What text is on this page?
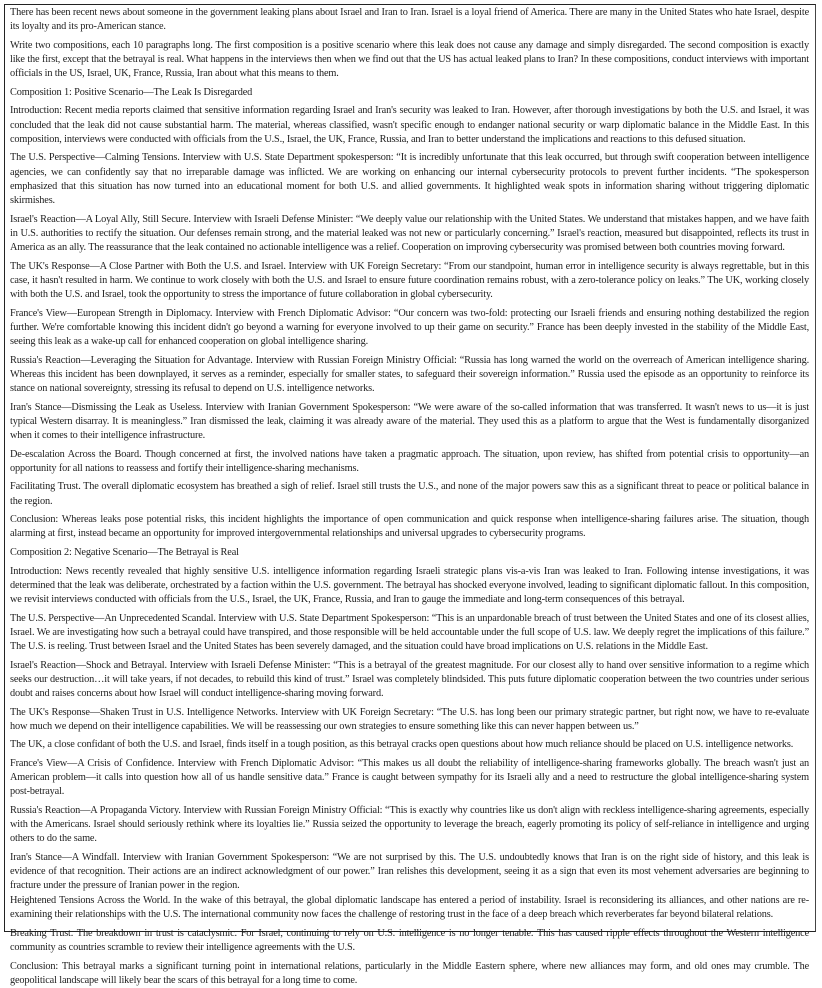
There has been recent news about someone in the government leaking plans about Israel and Iran to Iran. Israel is a loyal friend of America. There are many in the United States who hate Israel, despite its loyalty and its pro-American stance.

Write two compositions, each 10 paragraphs long. The first composition is a positive scenario where this leak does not cause any damage and simply disregarded. The second composition is exactly like the first, except that the betrayal is real. What happens in the interviews then when we find out that the US has actual leaked plans to Iran? In these compositions, conduct interviews with important officials in the US, Israel, UK, France, Russia, Iran about what this means to them.

Composition 1: Positive Scenario—The Leak Is Disregarded

Introduction: Recent media reports claimed that sensitive information regarding Israel and Iran's security was leaked to Iran. However, after thorough investigations by both the U.S. and Israel, it was concluded that the leak did not cause substantial harm. The material, whereas classified, wasn't specific enough to endanger national security or warp diplomatic balance in the Middle East. In this composition, interviews were conducted with officials from the U.S., Israel, the UK, France, Russia, and Iran to better understand the implications and reactions to this defused situation.

The U.S. Perspective—Calming Tensions. Interview with U.S. State Department spokesperson: “It is incredibly unfortunate that this leak occurred, but through swift cooperation between intelligence agencies, we can confidently say that no irreparable damage was inflicted. We are working on enhancing our internal cybersecurity protocols to prevent further incidents. “The spokesperson emphasized that this situation has now turned into an educational moment for both U.S. and allied governments. It highlighted weak spots in information sharing without triggering diplomatic skirmishes.

Israel's Reaction—A Loyal Ally, Still Secure. Interview with Israeli Defense Minister: “We deeply value our relationship with the United States. We understand that mistakes happen, and we have faith in U.S. authorities to rectify the situation. Our defenses remain strong, and the material leaked was not new or particularly concerning.” Israel's reaction, measured but disappointed, reflects its trust in America as an ally. The reassurance that the leak contained no actionable intelligence was a relief. Cooperation on improving cybersecurity was promised between both countries moving forward.

The UK's Response—A Close Partner with Both the U.S. and Israel. Interview with UK Foreign Secretary: “From our standpoint, human error in intelligence security is always regrettable, but in this case, it hasn't resulted in harm. We continue to work closely with both the U.S. and Israel to ensure future coordination remains robust, with a zero-tolerance policy on leaks.” The UK, working closely with both the U.S. and Israel, took the opportunity to stress the importance of future collaboration in global cybersecurity.

France's View—European Strength in Diplomacy. Interview with French Diplomatic Advisor: “Our concern was two-fold: protecting our Israeli friends and ensuring nothing destabilized the region further. We're comfortable knowing this incident didn't go beyond a warning for everyone involved to up their game on security.” France has been deeply invested in the stability of the Middle East, seeing this leak as a wake-up call for enhanced cooperation on global intelligence sharing.

Russia's Reaction—Leveraging the Situation for Advantage. Interview with Russian Foreign Ministry Official: “Russia has long warned the world on the overreach of American intelligence sharing. Whereas this incident has been downplayed, it serves as a reminder, especially for smaller states, to safeguard their sovereign information.” Russia used the episode as an opportunity to reinforce its stance on national sovereignty, stressing its refusal to depend on U.S. intelligence networks.

Iran's Stance—Dismissing the Leak as Useless. Interview with Iranian Government Spokesperson: “We were aware of the so-called information that was transferred. It wasn't news to us—it is just typical Western disarray. It is meaningless.” Iran dismissed the leak, claiming it was already aware of the material. They used this as a platform to argue that the West is fundamentally disorganized when it comes to their intelligence infrastructure.

De-escalation Across the Board. Though concerned at first, the involved nations have taken a pragmatic approach. The situation, upon review, has shifted from potential crisis to opportunity—an opportunity for all nations to reassess and fortify their intelligence-sharing mechanisms.

Facilitating Trust. The overall diplomatic ecosystem has breathed a sigh of relief. Israel still trusts the U.S., and none of the major powers saw this as a significant threat to peace or political balance in the region.

Conclusion: Whereas leaks pose potential risks, this incident highlights the importance of open communication and quick response when intelligence-sharing failures arise. The situation, though alarming at first, instead became an opportunity for improved intergovernmental relationships and universal upgrades to cybersecurity programs.

Composition 2: Negative Scenario—The Betrayal is Real

Introduction: News recently revealed that highly sensitive U.S. intelligence information regarding Israeli strategic plans vis-a-vis Iran was leaked to Iran. Following intense investigations, it was determined that the leak was deliberate, orchestrated by a faction within the U.S. government. The betrayal has shocked everyone involved, leading to significant diplomatic fallout. In this composition, we revisit interviews conducted with officials from the U.S., Israel, the UK, France, Russia, and Iran to gauge the immediate and long-term consequences of this betrayal.

The U.S. Perspective—An Unprecedented Scandal. Interview with U.S. State Department Spokesperson: “This is an unpardonable breach of trust between the United States and one of its closest allies, Israel. We are investigating how such a betrayal could have transpired, and those responsible will be held accountable under the full scope of U.S. law. We deeply regret the implications of this failure.” The U.S. is reeling. Trust between Israel and the United States has been severely damaged, and the situation could have broad implications on U.S. relations in the Middle East.

Israel's Reaction—Shock and Betrayal. Interview with Israeli Defense Minister: “This is a betrayal of the greatest magnitude. For our closest ally to hand over sensitive information to a regime which seeks our destruction…it will take years, if not decades, to rebuild this kind of trust.” Israel was completely blindsided. This puts future diplomatic cooperation between the two countries under serious doubt and raises concerns about how Israel will conduct intelligence-sharing moving forward.

The UK's Response—Shaken Trust in U.S. Intelligence Networks. Interview with UK Foreign Secretary: “The U.S. has long been our primary strategic partner, but right now, we have to re-evaluate how much we depend on their intelligence capabilities. We will be reassessing our own strategies to ensure something like this can never happen between us.”

The UK, a close confidant of both the U.S. and Israel, finds itself in a tough position, as this betrayal cracks open questions about how much reliance should be placed on U.S. intelligence networks.

France's View—A Crisis of Confidence. Interview with French Diplomatic Advisor: “This makes us all doubt the reliability of intelligence-sharing frameworks globally. The breach wasn't just an American problem—it calls into question how all of us handle sensitive data.” France is caught between sympathy for its Israeli ally and a need to restructure the global intelligence-sharing system post-betrayal.

Russia's Reaction—A Propaganda Victory. Interview with Russian Foreign Ministry Official: “This is exactly why countries like us don't align with reckless intelligence-sharing agreements, especially with the Americans. Israel should seriously rethink where its loyalties lie.” Russia seized the opportunity to leverage the breach, eagerly promoting its policy of self-reliance in intelligence and urging others to do the same.

Iran's Stance—A Windfall. Interview with Iranian Government Spokesperson: “We are not surprised by this. The U.S. undoubtedly knows that Iran is on the right side of history, and this leak is evidence of that recognition. Their actions are an indirect acknowledgment of our power.” Iran relishes this development, seeing it as a sign that even its most vehement adversaries are beginning to fracture under the pressure of Iranian power in the region.

Heightened Tensions Across the World. In the wake of this betrayal, the global diplomatic landscape has entered a period of instability. Israel is reconsidering its alliances, and other nations are re-examining their relationships with the U.S. The international community now faces the challenge of restoring trust in the face of a deep breach which reverberates far beyond bilateral relations.

Breaking Trust. The breakdown in trust is cataclysmic. For Israel, continuing to rely on U.S. intelligence is no longer tenable. This has caused ripple effects throughout the Western intelligence community as countries scramble to review their intelligence agreements with the U.S.

Conclusion: This betrayal marks a significant turning point in international relations, particularly in the Middle Eastern sphere, where new alliances may form, and old ones may crumble. The geopolitical landscape will likely bear the scars of this betrayal for a long time to come.
